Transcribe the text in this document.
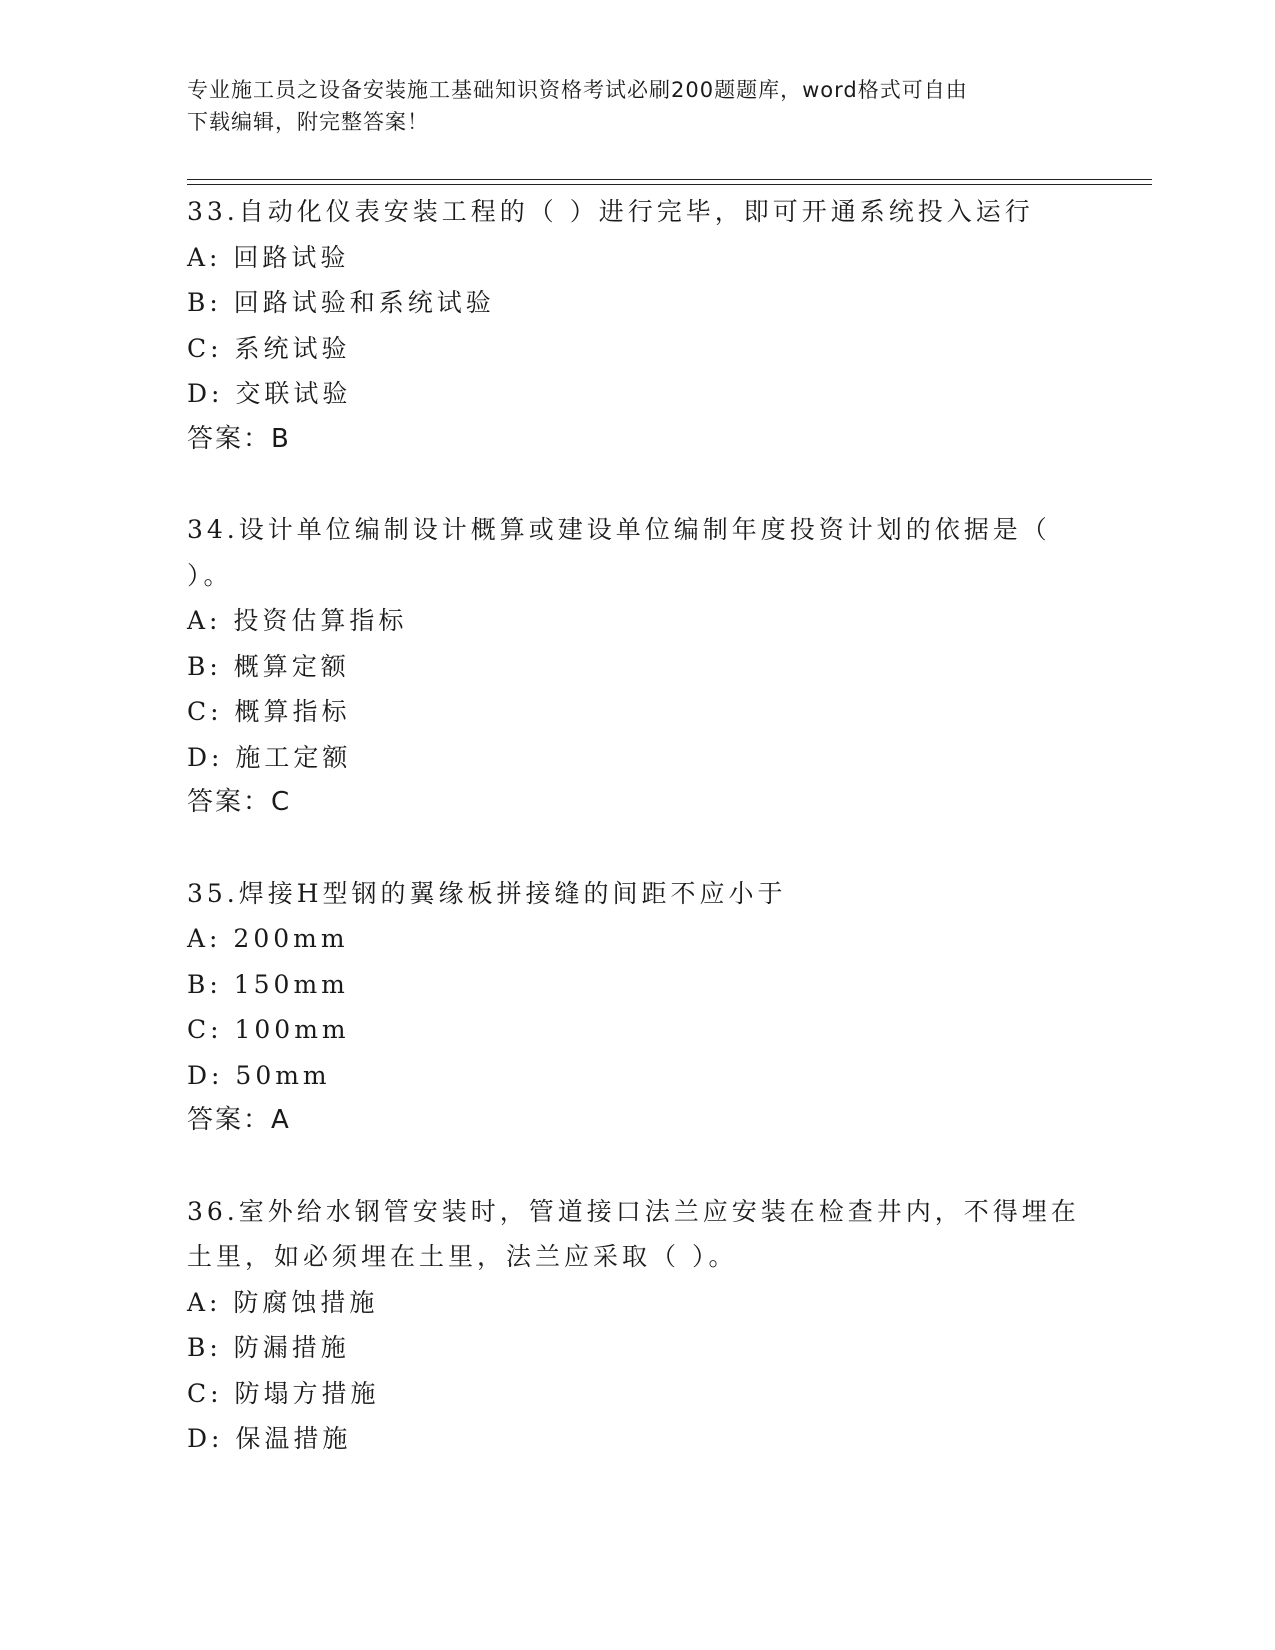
专业施工员之设备安装施工基础知识资格考试必刷200题题库，word格式可自由
下载编辑，附完整答案！
33.自动化仪表安装工程的（ ）进行完毕，即可开通系统投入运行
A: 回路试验
B: 回路试验和系统试验
C: 系统试验
D: 交联试验
答案：B
34.设计单位编制设计概算或建设单位编制年度投资计划的依据是（
）。
A: 投资估算指标
B: 概算定额
C: 概算指标
D: 施工定额
答案：C
35.焊接H型钢的翼缘板拼接缝的间距不应小于
A: 200mm
B: 150mm
C: 100mm
D: 50mm
答案：A
36.室外给水钢管安装时，管道接口法兰应安装在检查井内，不得埋在
土里，如必须埋在土里，法兰应采取（ ）。
A: 防腐蚀措施
B: 防漏措施
C: 防塌方措施
D: 保温措施
